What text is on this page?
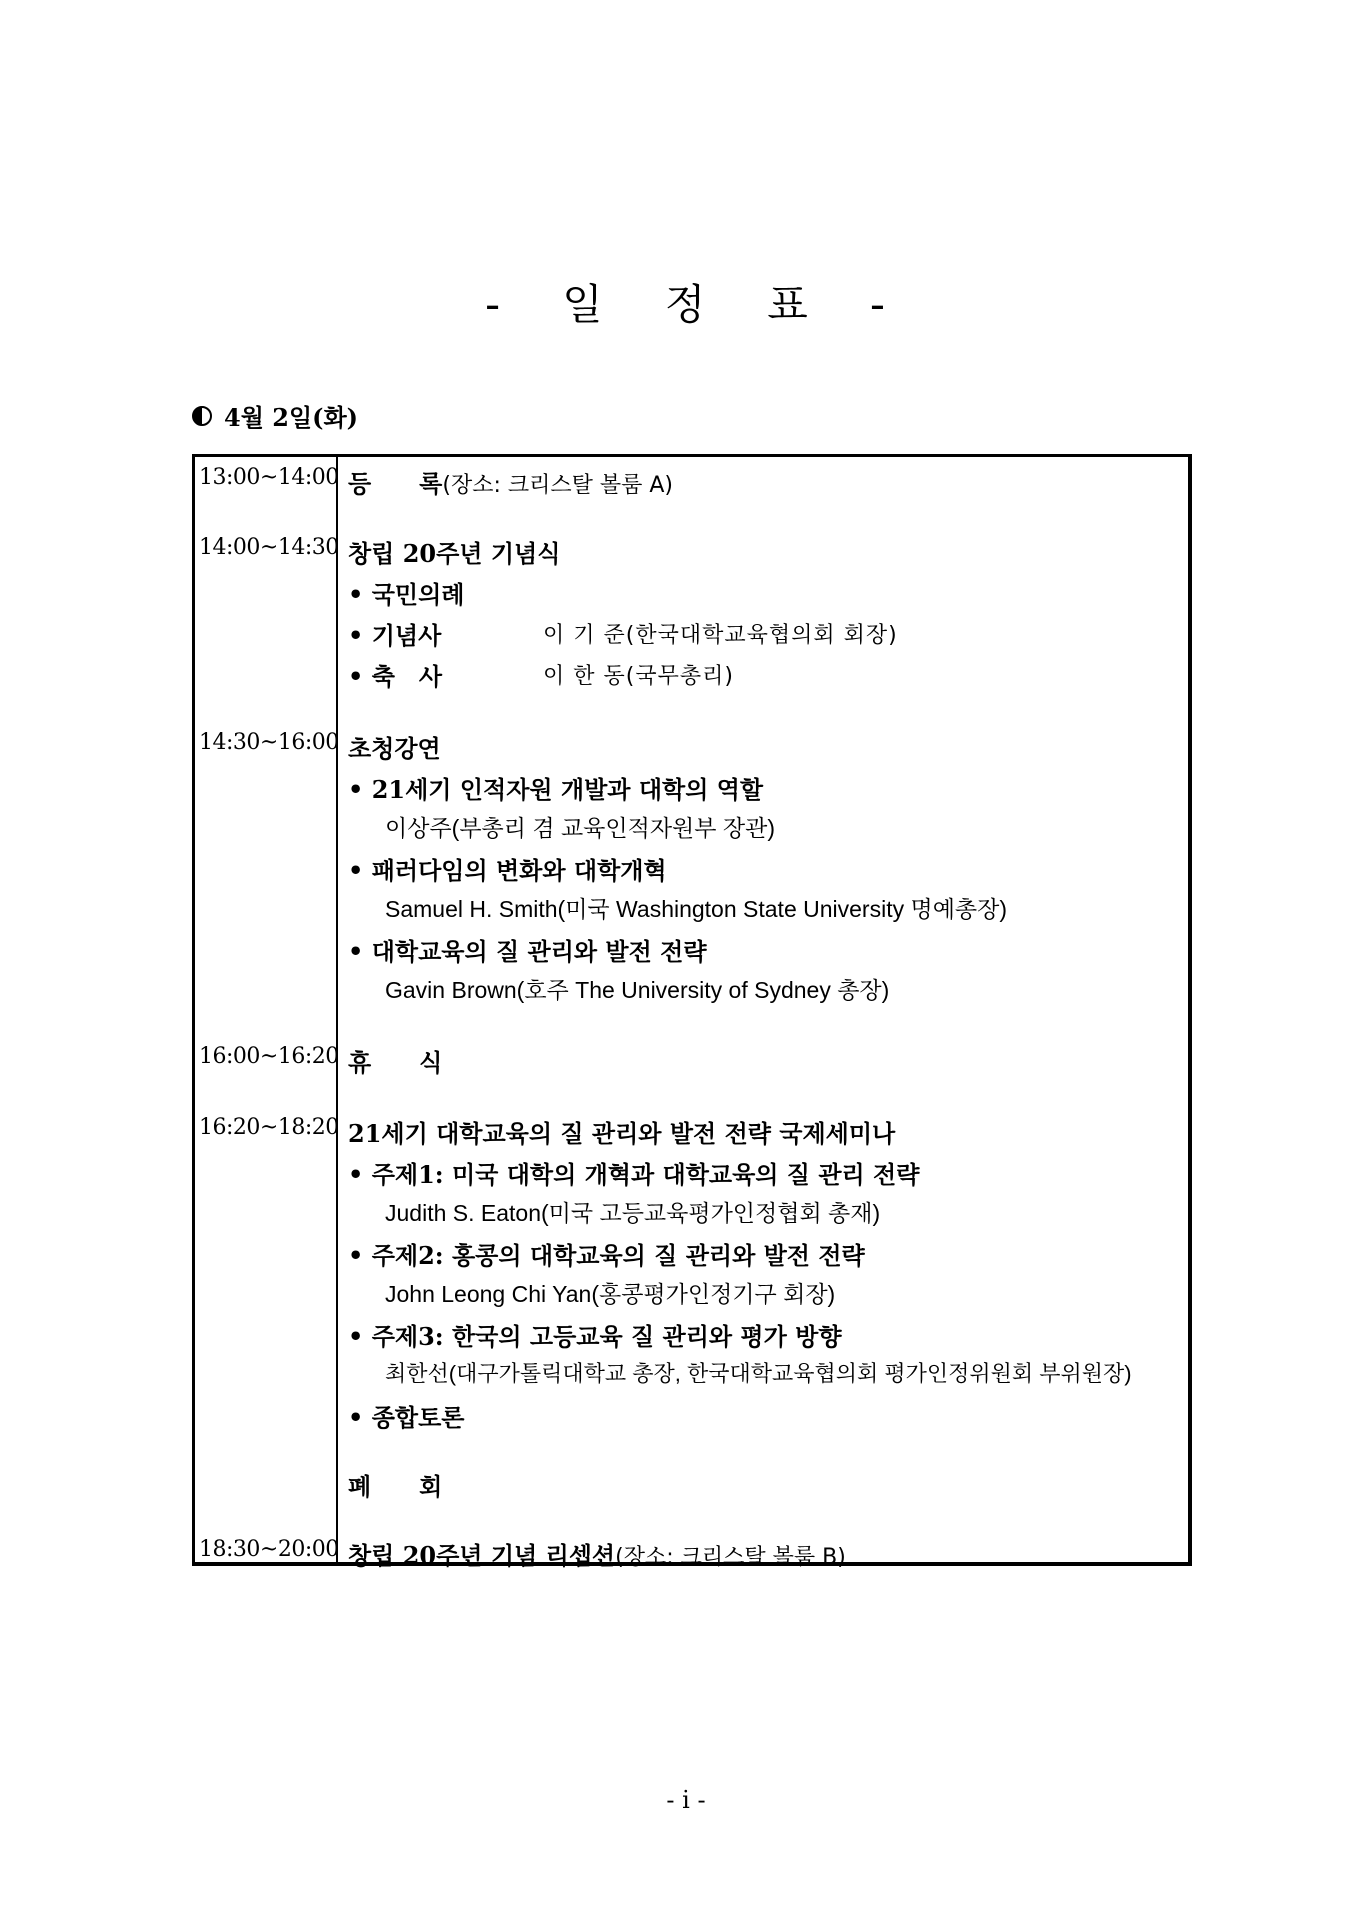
- 일 정 표 -
4월 2일(화)
13:00~14:00 등　　록(장소: 크리스탈 볼룸 A)
14:00~14:30 창립 20주년 기념식
• 국민의례
• 기념사	이 기 준(한국대학교육협의회 회장)
• 축　사	이 한 동(국무총리)
14:30~16:00 초청강연
• 21세기 인적자원 개발과 대학의 역할
이상주(부총리 겸 교육인적자원부 장관)
• 패러다임의 변화와 대학개혁
Samuel H. Smith(미국 Washington State University 명예총장)
• 대학교육의 질 관리와 발전 전략
Gavin Brown(호주 The University of Sydney 총장)
16:00~16:20 휴　　식
16:20~18:20 21세기 대학교육의 질 관리와 발전 전략 국제세미나
• 주제1: 미국 대학의 개혁과 대학교육의 질 관리 전략
Judith S. Eaton(미국 고등교육평가인정협회 총재)
• 주제2: 홍콩의 대학교육의 질 관리와 발전 전략
John Leong Chi Yan(홍콩평가인정기구 회장)
• 주제3: 한국의 고등교육 질 관리와 평가 방향
최한선(대구가톨릭대학교 총장, 한국대학교육협의회 평가인정위원회 부위원장)
• 종합토론
폐　　회
18:30~20:00 창립 20주년 기념 리셉션(장소: 크리스탈 볼룸 B)
- i -
